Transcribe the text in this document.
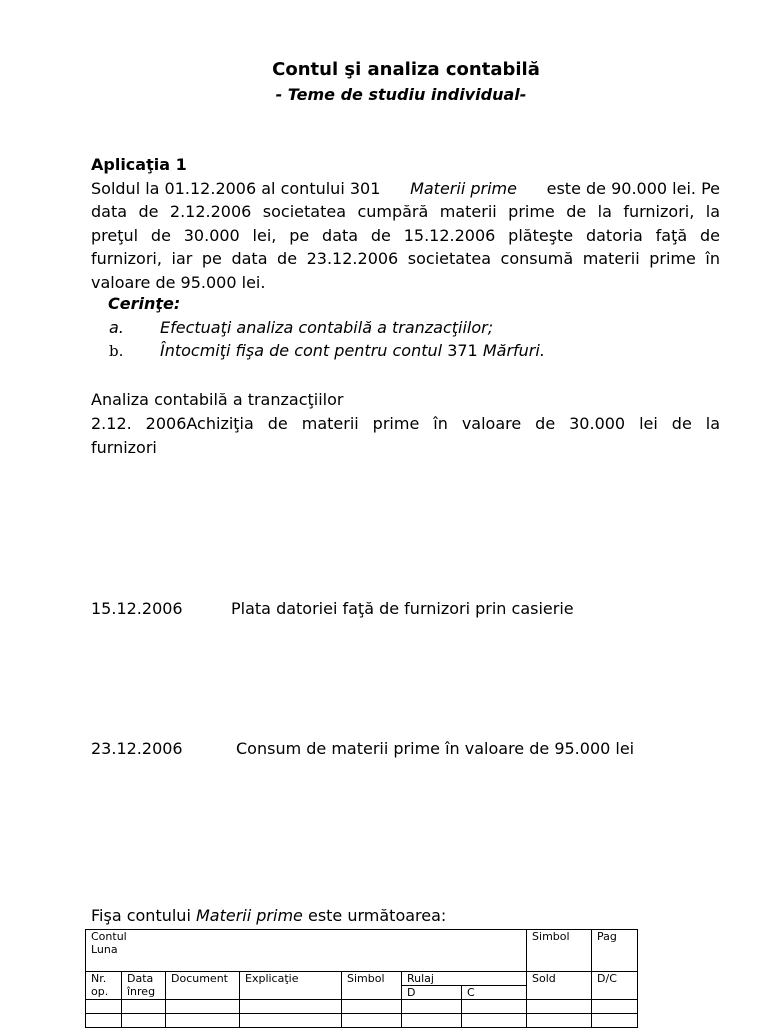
Contul şi analiza contabilă
- Teme de studiu individual-
Aplicaţia 1
Soldul la 01.12.2006 al contului 301 Materii prime este de 90.000 lei. Pe
data de 2.12.2006 societatea cumpără materii prime de la furnizori, la
preţul de 30.000 lei, pe data de 15.12.2006 plăteşte datoria faţă de
furnizori, iar pe data de 23.12.2006 societatea consumă materii prime în
valoare de 95.000 lei.
Cerinţe:
a. Efectuaţi analiza contabilă a tranzacţiilor;
b. Întocmiţi fişa de cont pentru contul 371 Mărfuri.
Analiza contabilă a tranzacţiilor
2.12. 2006Achiziţia de materii prime în valoare de 30.000 lei de la
furnizori
15.12.2006	Plata datoriei faţă de furnizori prin casierie
23.12.2006	Consum de materii prime în valoare de 95.000 lei
Fişa contului Materii prime este următoarea:
Contul
Luna							Simbol	Pag
Nr. op.	Data înreg	Document	Explicaţie	Simbol	Rulaj		Sold	D/C
					D	C		
